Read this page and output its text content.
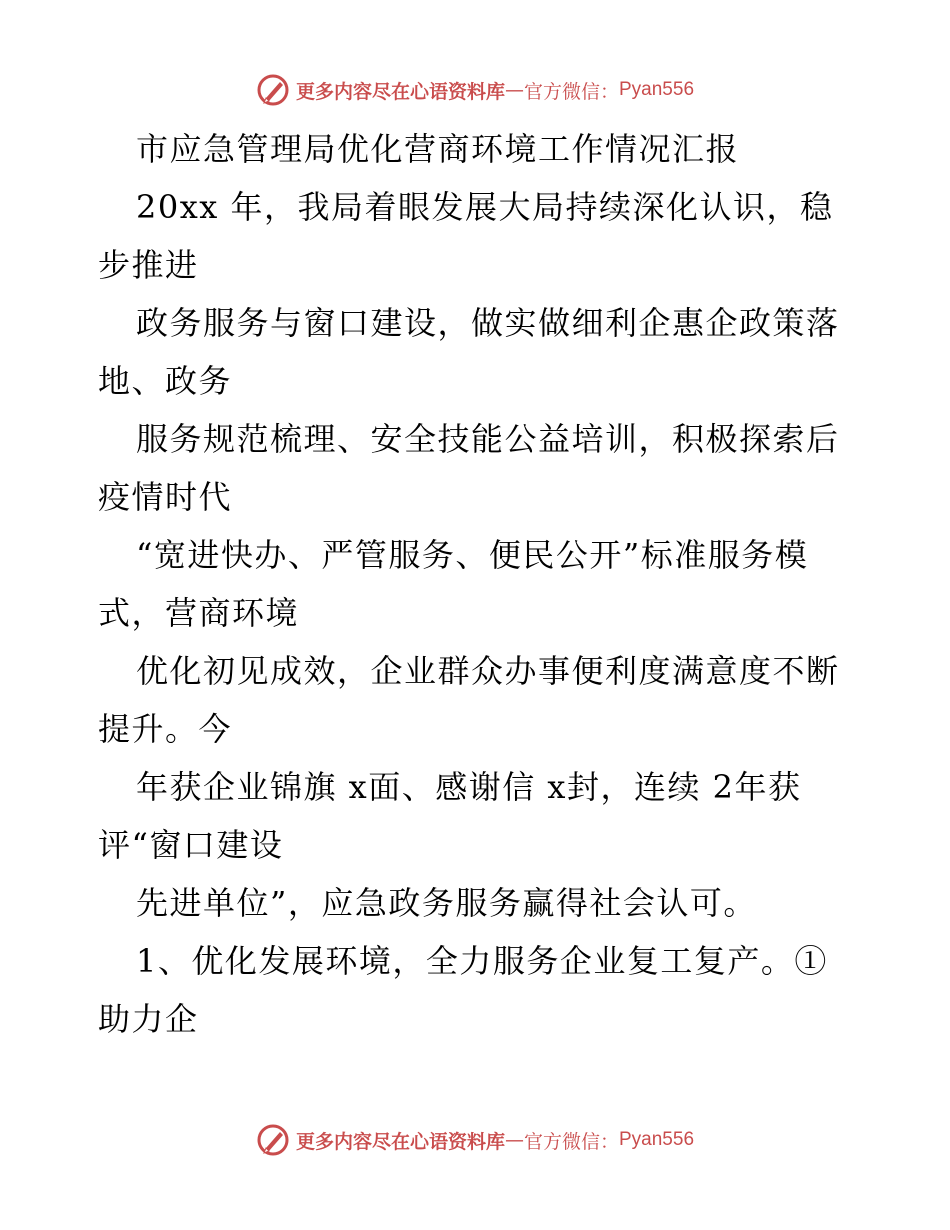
更多内容尽在心语资料库 — 官方微信： Pyan556
市应急管理局优化营商环境工作情况汇报
20xx 年，我局着眼发展大局持续深化认识，稳
步推进
政务服务与窗口建设，做实做细利企惠企政策落
地、政务
服务规范梳理、安全技能公益培训，积极探索后
疫情时代
“宽进快办、严管服务、便民公开”标准服务模
式，营商环境
优化初见成效，企业群众办事便利度满意度不断
提升。今
年获企业锦旗 x面、感谢信 x封，连续 2年获
评“窗口建设
先进单位”，应急政务服务赢得社会认可。
1、优化发展环境，全力服务企业复工复产。①
助力企
更多内容尽在心语资料库 — 官方微信： Pyan556
